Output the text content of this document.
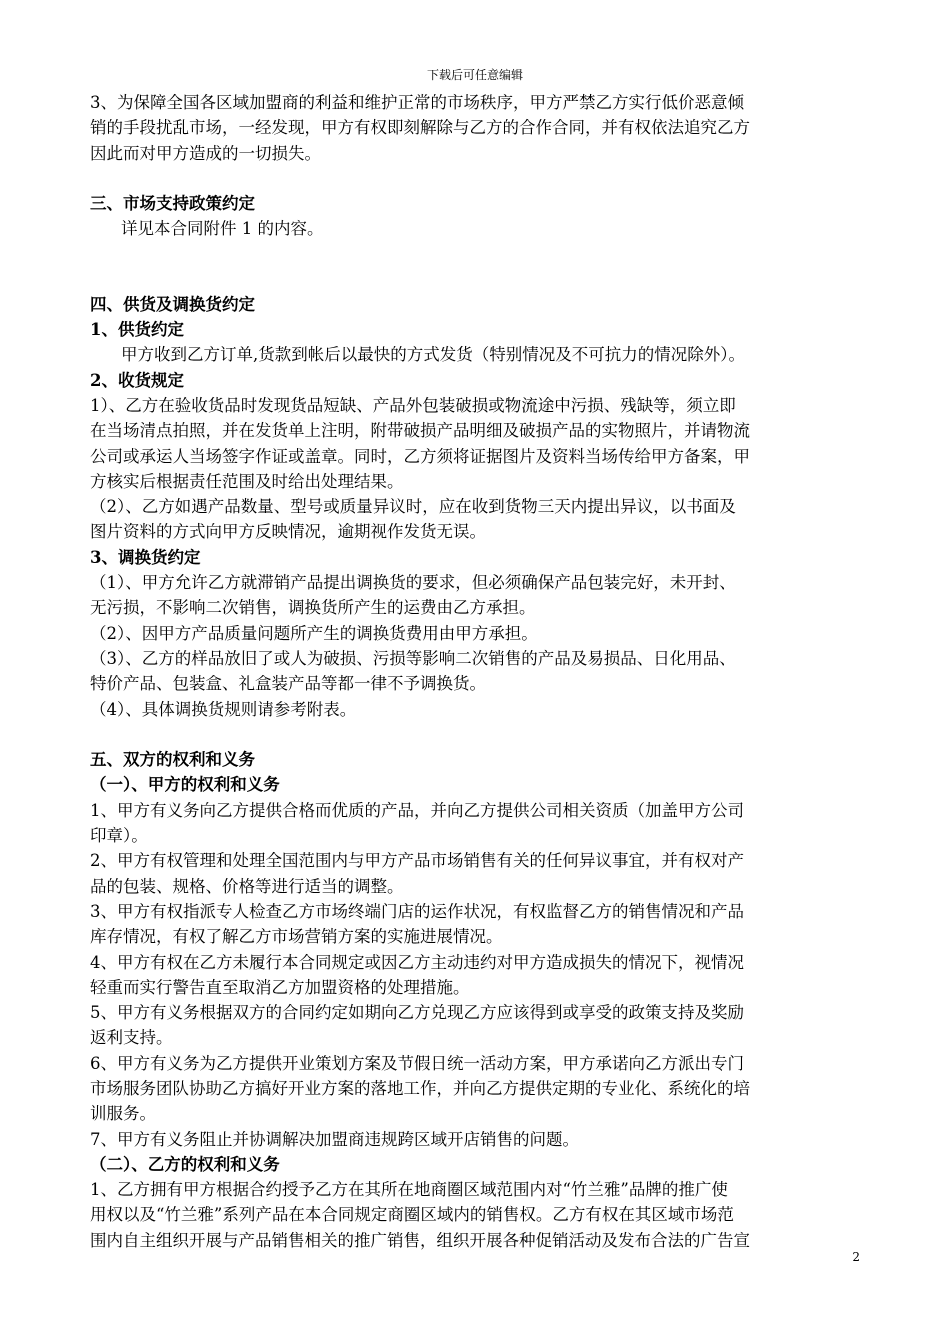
下载后可任意编辑
3、为保障全国各区域加盟商的利益和维护正常的市场秩序，甲方严禁乙方实行低价恶意倾
销的手段扰乱市场，一经发现，甲方有权即刻解除与乙方的合作合同，并有权依法追究乙方
因此而对甲方造成的一切损失。
三、市场支持政策约定
详见本合同附件 1 的内容。
四、供货及调换货约定
1、供货约定
甲方收到乙方订单,货款到帐后以最快的方式发货（特别情况及不可抗力的情况除外）。
2、收货规定
1）、乙方在验收货品时发现货品短缺、产品外包装破损或物流途中污损、残缺等，须立即
在当场清点拍照，并在发货单上注明，附带破损产品明细及破损产品的实物照片，并请物流
公司或承运人当场签字作证或盖章。同时，乙方须将证据图片及资料当场传给甲方备案，甲
方核实后根据责任范围及时给出处理结果。
（2）、乙方如遇产品数量、型号或质量异议时，应在收到货物三天内提出异议，以书面及
图片资料的方式向甲方反映情况，逾期视作发货无误。
3、调换货约定
（1）、甲方允许乙方就滞销产品提出调换货的要求，但必须确保产品包装完好，未开封、
无污损，不影响二次销售，调换货所产生的运费由乙方承担。
（2）、因甲方产品质量问题所产生的调换货费用由甲方承担。
（3）、乙方的样品放旧了或人为破损、污损等影响二次销售的产品及易损品、日化用品、
特价产品、包装盒、礼盒装产品等都一律不予调换货。
（4）、具体调换货规则请参考附表。
五、双方的权利和义务
（一）、甲方的权利和义务
1、甲方有义务向乙方提供合格而优质的产品，并向乙方提供公司相关资质（加盖甲方公司
印章）。
2、甲方有权管理和处理全国范围内与甲方产品市场销售有关的任何异议事宜，并有权对产
品的包装、规格、价格等进行适当的调整。
3、甲方有权指派专人检查乙方市场终端门店的运作状况，有权监督乙方的销售情况和产品
库存情况，有权了解乙方市场营销方案的实施进展情况。
4、甲方有权在乙方未履行本合同规定或因乙方主动违约对甲方造成损失的情况下，视情况
轻重而实行警告直至取消乙方加盟资格的处理措施。
5、甲方有义务根据双方的合同约定如期向乙方兑现乙方应该得到或享受的政策支持及奖励
返利支持。
6、甲方有义务为乙方提供开业策划方案及节假日统一活动方案，甲方承诺向乙方派出专门
市场服务团队协助乙方搞好开业方案的落地工作，并向乙方提供定期的专业化、系统化的培
训服务。
7、甲方有义务阻止并协调解决加盟商违规跨区域开店销售的问题。
（二）、乙方的权利和义务
1、乙方拥有甲方根据合约授予乙方在其所在地商圈区域范围内对“竹兰雅”品牌的推广使
用权以及“竹兰雅”系列产品在本合同规定商圈区域内的销售权。乙方有权在其区域市场范
围内自主组织开展与产品销售相关的推广销售，组织开展各种促销活动及发布合法的广告宣
2
